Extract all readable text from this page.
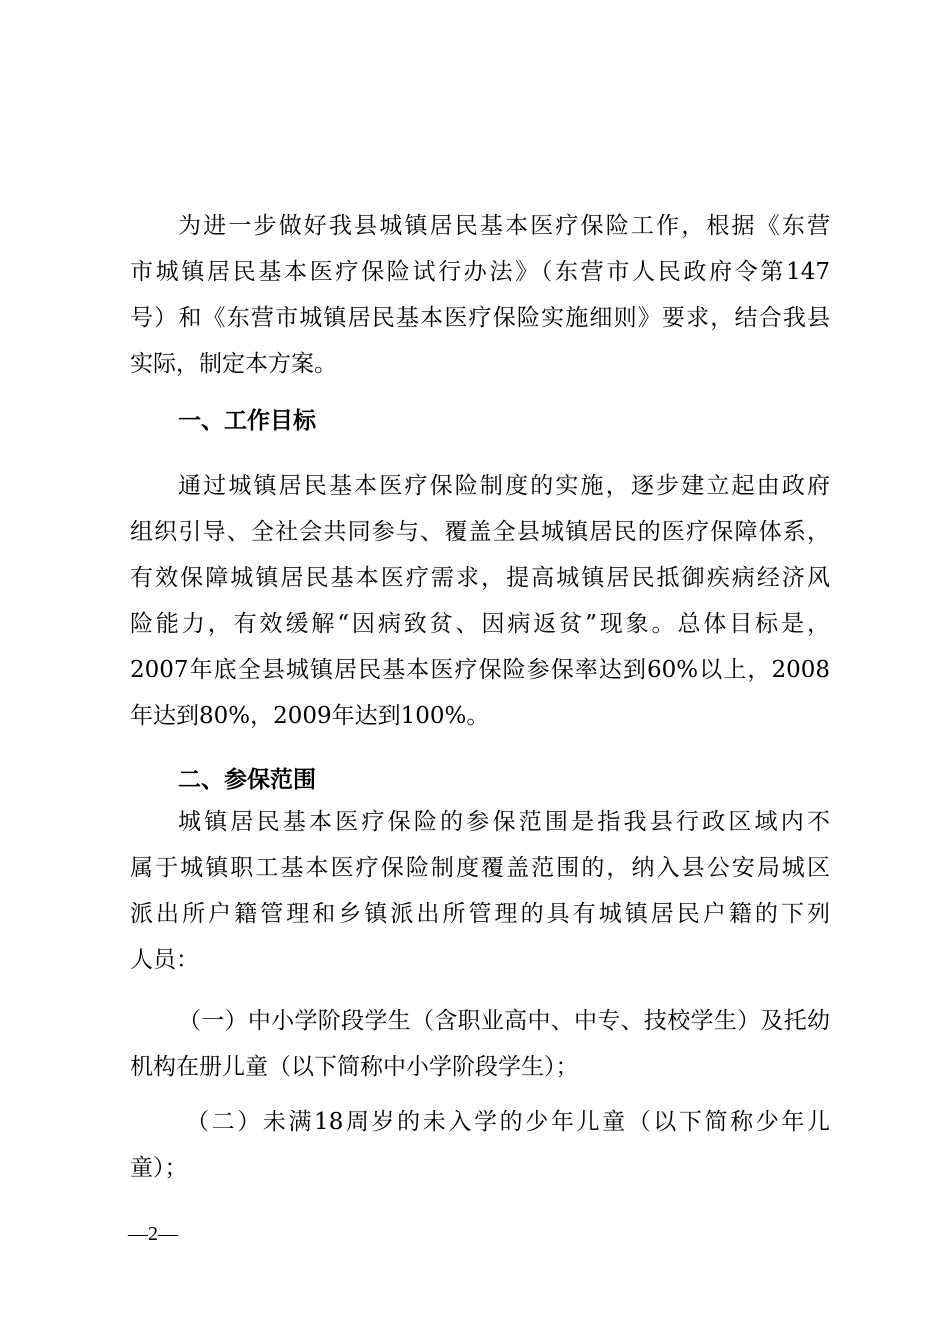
为进一步做好我县城镇居民基本医疗保险工作，根据《东营
市城镇居民基本医疗保险试行办法》（东营市人民政府令第147
号）和《东营市城镇居民基本医疗保险实施细则》要求，结合我县
实际，制定本方案。
一、工作目标
通过城镇居民基本医疗保险制度的实施，逐步建立起由政府
组织引导、全社会共同参与、覆盖全县城镇居民的医疗保障体系，
有效保障城镇居民基本医疗需求，提高城镇居民抵御疾病经济风
险能力，有效缓解“因病致贫、因病返贫”现象。总体目标是，
2007年底全县城镇居民基本医疗保险参保率达到60%以上，2008
年达到80%，2009年达到100%。
二、参保范围
城镇居民基本医疗保险的参保范围是指我县行政区域内不
属于城镇职工基本医疗保险制度覆盖范围的，纳入县公安局城区
派出所户籍管理和乡镇派出所管理的具有城镇居民户籍的下列
人员：
（一）中小学阶段学生（含职业高中、中专、技校学生）及托幼
机构在册儿童（以下简称中小学阶段学生）；
（二）未满18周岁的未入学的少年儿童（以下简称少年儿
童）；
—2—
